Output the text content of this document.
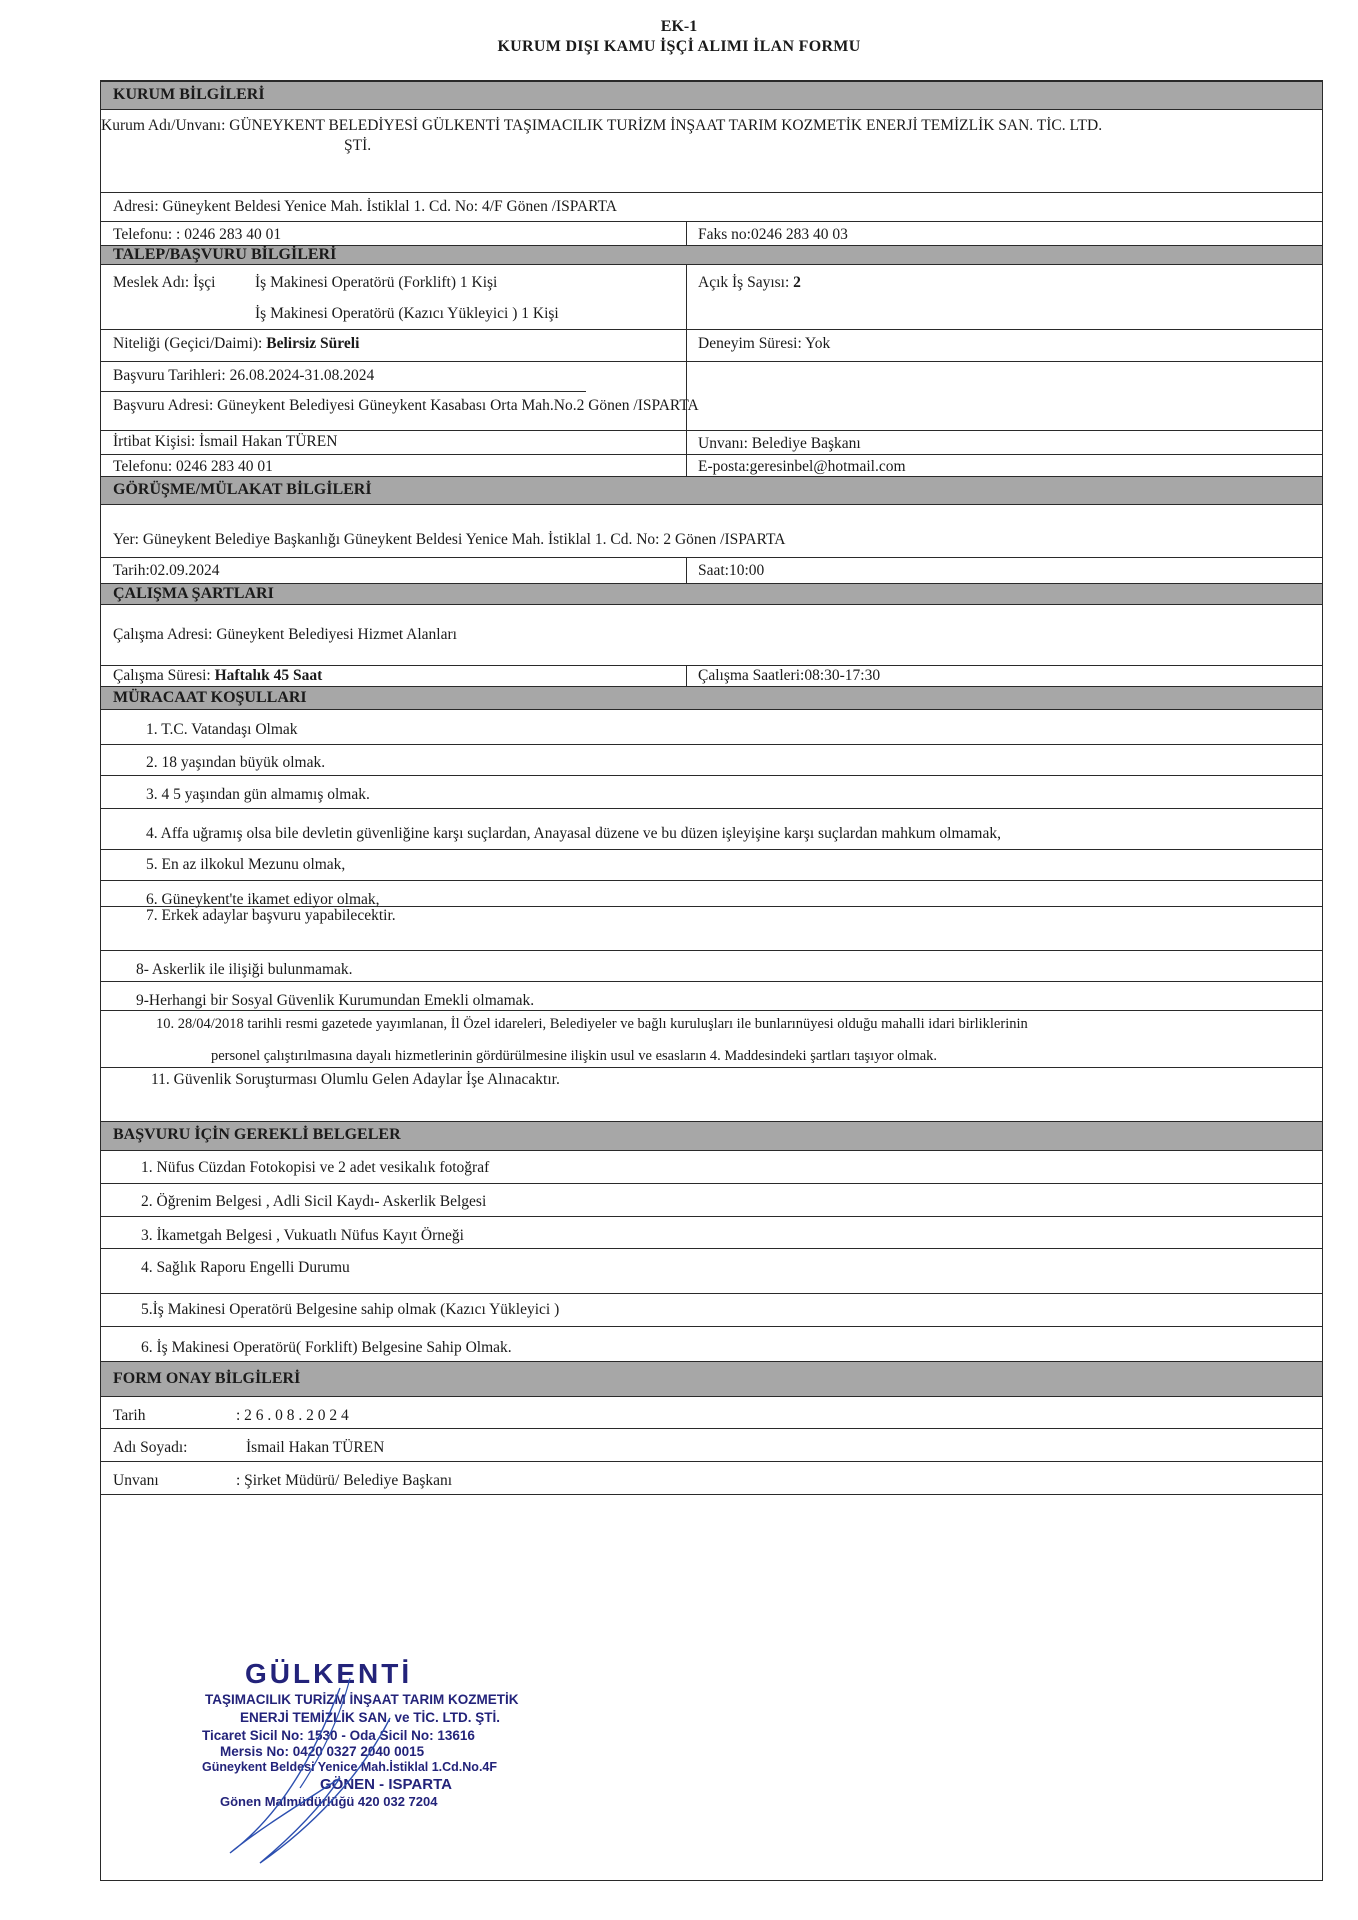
EK-1
KURUM DIŞI KAMU İŞÇİ ALIMI İLAN FORMU
KURUM BİLGİLERİ
Kurum Adı/Unvanı: GÜNEYKENT BELEDİYESİ GÜLKENTİ TAŞIMACILIK TURİZM İNŞAAT TARIM KOZMETİK ENERJİ TEMİZLİK SAN. TİC. LTD.
ŞTİ.
Adresi: Güneykent Beldesi Yenice Mah. İstiklal 1. Cd. No: 4/F Gönen /ISPARTA
Telefonu: : 0246 283 40 01	Faks no:0246 283 40 03
TALEP/BAŞVURU BİLGİLERİ
Meslek Adı: İşçi	İş Makinesi Operatörü (Forklift) 1 Kişi
İş Makinesi Operatörü (Kazıcı Yükleyici ) 1 Kişi
Açık İş Sayısı: 2
Niteliği (Geçici/Daimi): Belirsiz Süreli	Deneyim Süresi: Yok
Başvuru Tarihleri: 26.08.2024-31.08.2024
Başvuru Adresi: Güneykent Belediyesi Güneykent Kasabası Orta Mah.No.2 Gönen /ISPARTA
İrtibat Kişisi: İsmail Hakan TÜREN	Unvanı: Belediye Başkanı
Telefonu: 0246 283 40 01	E-posta:geresinbel@hotmail.com
GÖRÜŞME/MÜLAKAT BİLGİLERİ
Yer: Güneykent Belediye Başkanlığı Güneykent Beldesi Yenice Mah. İstiklal 1. Cd. No: 2 Gönen /ISPARTA
Tarih:02.09.2024	Saat:10:00
ÇALIŞMA ŞARTLARI
Çalışma Adresi: Güneykent Belediyesi Hizmet Alanları
Çalışma Süresi: Haftalık 45 Saat	Çalışma Saatleri:08:30-17:30
MÜRACAAT KOŞULLARI
1. T.C. Vatandaşı Olmak
2. 18 yaşından büyük olmak.
3. 4 5 yaşından gün almamış olmak.
4. Affa uğramış olsa bile devletin güvenliğine karşı suçlardan, Anayasal düzene ve bu düzen işleyişine karşı suçlardan mahkum olmamak,
5. En az ilkokul Mezunu olmak,
6. Güneykent'te ikamet ediyor olmak,
7. Erkek adaylar başvuru yapabilecektir.
8- Askerlik ile ilişiği bulunmamak.
9-Herhangi bir Sosyal Güvenlik Kurumundan Emekli olmamak.
10. 28/04/2018 tarihli resmi gazetede yayımlanan, İl Özel idareleri, Belediyeler ve bağlı kuruluşları ile bunlarınüyesi olduğu mahalli idari birliklerinin
personel çalıştırılmasına dayalı hizmetlerinin gördürülmesine ilişkin usul ve esasların 4. Maddesindeki şartları taşıyor olmak.
11. Güvenlik Soruşturması Olumlu Gelen Adaylar İşe Alınacaktır.
BAŞVURU İÇİN GEREKLİ BELGELER
1. Nüfus Cüzdan Fotokopisi ve 2 adet vesikalık fotoğraf
2. Öğrenim Belgesi , Adli Sicil Kaydı- Askerlik Belgesi
3. İkametgah Belgesi , Vukuatlı Nüfus Kayıt Örneği
4. Sağlık Raporu Engelli Durumu
5.İş Makinesi Operatörü Belgesine sahip olmak (Kazıcı Yükleyici )
6. İş Makinesi Operatörü( Forklift) Belgesine Sahip Olmak.
FORM ONAY BİLGİLERİ
Tarih	: 2 6 . 0 8 . 2 0 2 4
Adı Soyadı:	İsmail Hakan TÜREN
Unvanı	: Şirket Müdürü/ Belediye Başkanı
GÜLKENTİ
TAŞIMACILIK TURİZM İNŞAAT TARIM KOZMETİK
ENERJİ TEMİZLİK SAN. ve TİC. LTD. ŞTİ.
Ticaret Sicil No: 1530 - Oda Sicil No: 13616
Mersis No: 0420 0327 2040 0015
Güneykent Beldesi Yenice Mah.İstiklal 1.Cd.No.4F
GÖNEN - ISPARTA
Gönen Malmüdürlüğü 420 032 7204
